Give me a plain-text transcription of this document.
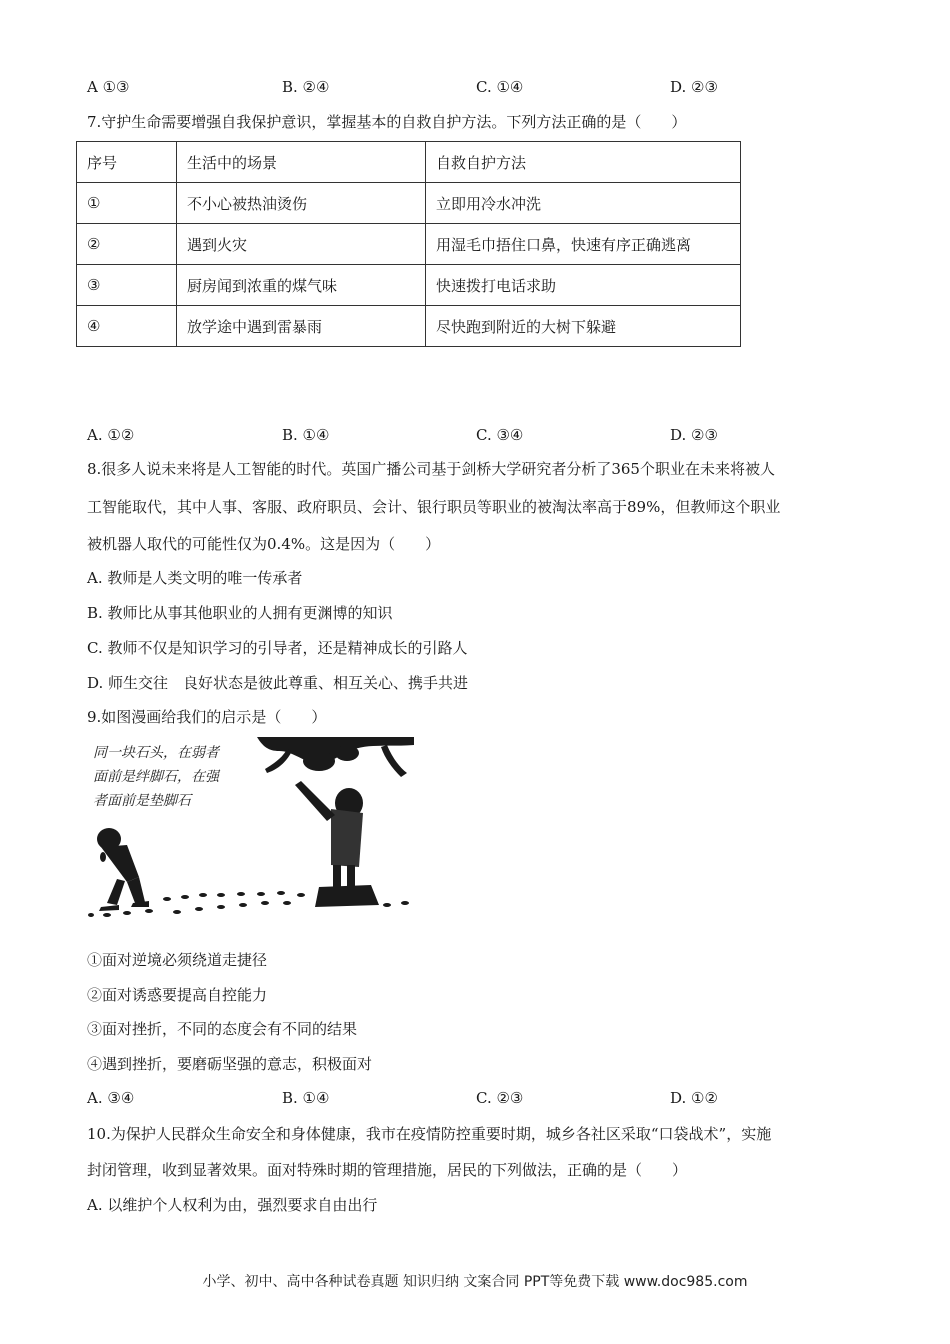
A ①③	B. ②④	C. ①④	D. ②③
7.守护生命需要增强自我保护意识，掌握基本的自救自护方法。下列方法正确的是（　　）
序号	生活中的场景	自救自护方法
①	不小心被热油烫伤	立即用冷水冲洗
②	遇到火灾	用湿毛巾捂住口鼻，快速有序正确逃离
③	厨房闻到浓重的煤气味	快速拨打电话求助
④	放学途中遇到雷暴雨	尽快跑到附近的大树下躲避
A. ①②	B. ①④	C. ③④	D. ②③
8.很多人说未来将是人工智能的时代。英国广播公司基于剑桥大学研究者分析了365个职业在未来将被人
工智能取代，其中人事、客服、政府职员、会计、银行职员等职业的被淘汰率高于89%，但教师这个职业
被机器人取代的可能性仅为0.4%。这是因为（　　）
A. 教师是人类文明的唯一传承者
B. 教师比从事其他职业的人拥有更渊博的知识
C. 教师不仅是知识学习的引导者，还是精神成长的引路人
D. 师生交往　良好状态是彼此尊重、相互关心、携手共进
9.如图漫画给我们的启示是（　　）
同一块石头，在弱者
面前是绊脚石，在强
者面前是垫脚石
①面对逆境必须绕道走捷径
②面对诱惑要提高自控能力
③面对挫折，不同的态度会有不同的结果
④遇到挫折，要磨砺坚强的意志，积极面对
A. ③④	B. ①④	C. ②③	D. ①②
10.为保护人民群众生命安全和身体健康，我市在疫情防控重要时期，城乡各社区采取“口袋战术”，实施
封闭管理，收到显著效果。面对特殊时期的管理措施，居民的下列做法，正确的是（　　）
A. 以维护个人权利为由，强烈要求自由出行
小学、初中、高中各种试卷真题 知识归纳 文案合同 PPT等免费下载 www.doc985.com
